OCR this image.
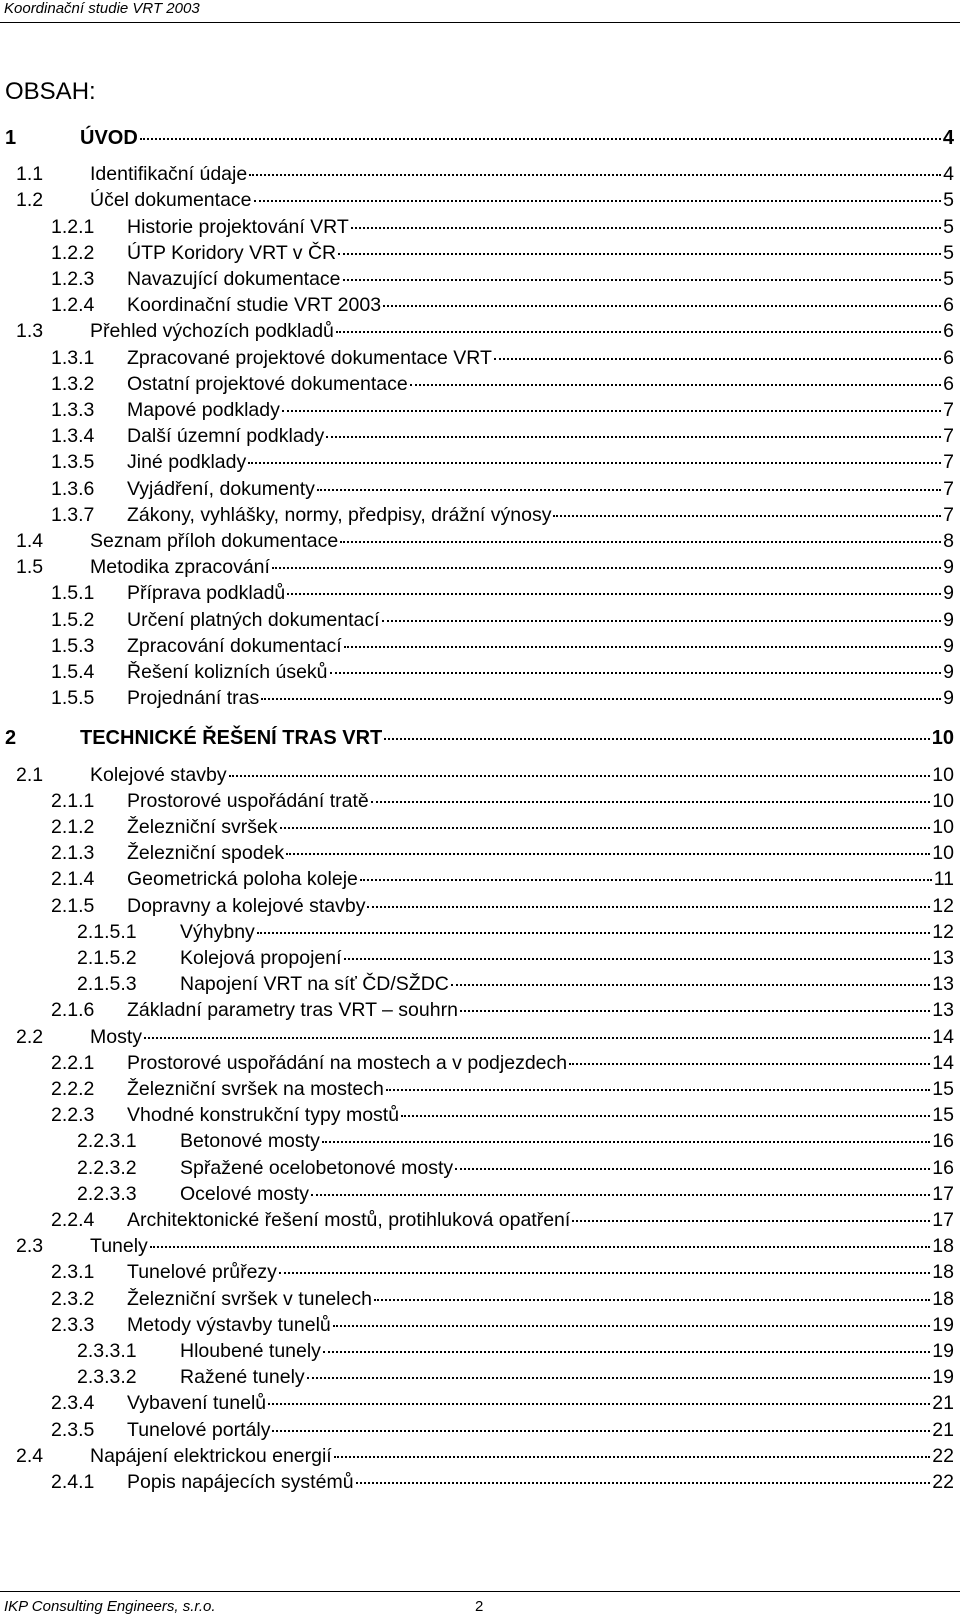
Koordinační studie VRT 2003
OBSAH:
1	ÚVOD	4
1.1	Identifikační údaje	4
1.2	Účel dokumentace	5
1.2.1	Historie projektování VRT	5
1.2.2	ÚTP Koridory VRT v ČR	5
1.2.3	Navazující dokumentace	5
1.2.4	Koordinační studie VRT 2003	6
1.3	Přehled výchozích podkladů	6
1.3.1	Zpracované projektové dokumentace VRT	6
1.3.2	Ostatní projektové dokumentace	6
1.3.3	Mapové podklady	7
1.3.4	Další územní podklady	7
1.3.5	Jiné podklady	7
1.3.6	Vyjádření, dokumenty	7
1.3.7	Zákony, vyhlášky, normy, předpisy, drážní výnosy	7
1.4	Seznam příloh dokumentace	8
1.5	Metodika zpracování	9
1.5.1	Příprava podkladů	9
1.5.2	Určení platných dokumentací	9
1.5.3	Zpracování dokumentací	9
1.5.4	Řešení kolizních úseků	9
1.5.5	Projednání tras	9
2	TECHNICKÉ ŘEŠENÍ TRAS VRT	10
2.1	Kolejové stavby	10
2.1.1	Prostorové uspořádání tratě	10
2.1.2	Železniční svršek	10
2.1.3	Železniční spodek	10
2.1.4	Geometrická poloha koleje	11
2.1.5	Dopravny a kolejové stavby	12
2.1.5.1	Výhybny	12
2.1.5.2	Kolejová propojení	13
2.1.5.3	Napojení VRT na síť ČD/SŽDC	13
2.1.6	Základní parametry tras VRT – souhrn	13
2.2	Mosty	14
2.2.1	Prostorové uspořádání na mostech a v podjezdech	14
2.2.2	Železniční svršek na mostech	15
2.2.3	Vhodné konstrukční typy mostů	15
2.2.3.1	Betonové mosty	16
2.2.3.2	Spřažené ocelobetonové mosty	16
2.2.3.3	Ocelové mosty	17
2.2.4	Architektonické řešení mostů, protihluková opatření	17
2.3	Tunely	18
2.3.1	Tunelové průřezy	18
2.3.2	Železniční svršek v tunelech	18
2.3.3	Metody výstavby tunelů	19
2.3.3.1	Hloubené tunely	19
2.3.3.2	Ražené tunely	19
2.3.4	Vybavení tunelů	21
2.3.5	Tunelové portály	21
2.4	Napájení elektrickou energií	22
2.4.1	Popis napájecích systémů	22
IKP Consulting Engineers, s.r.o.	2
